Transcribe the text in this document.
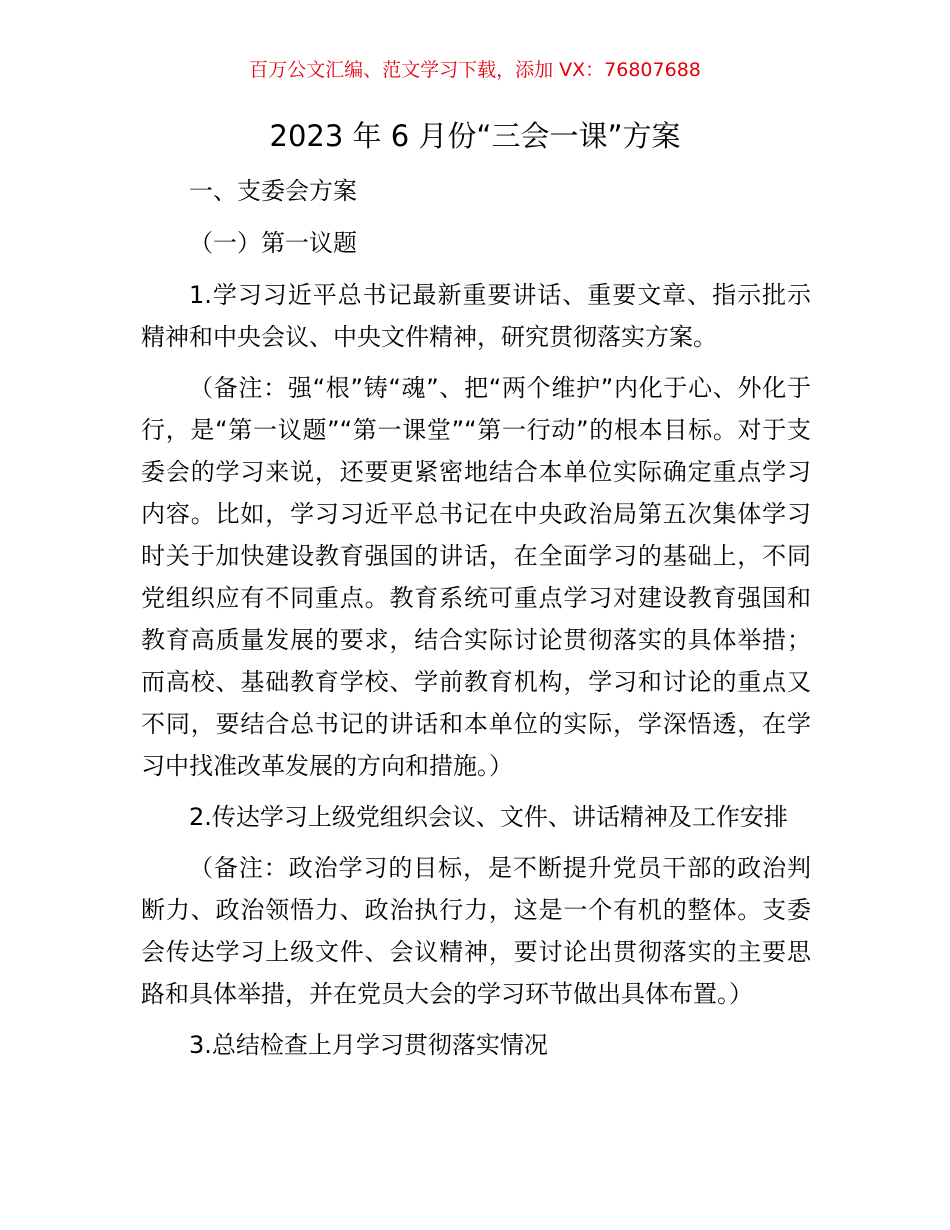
百万公文汇编、范文学习下载，添加 VX：76807688
2023 年 6 月份“三会一课”方案

一、支委会方案

（一）第一议题

1.学习习近平总书记最新重要讲话、重要文章、指示批示精神和中央会议、中央文件精神，研究贯彻落实方案。

（备注：强“根”铸“魂”、把“两个维护”内化于心、外化于行，是“第一议题”“第一课堂”“第一行动”的根本目标。对于支委会的学习来说，还要更紧密地结合本单位实际确定重点学习内容。比如，学习习近平总书记在中央政治局第五次集体学习时关于加快建设教育强国的讲话，在全面学习的基础上，不同党组织应有不同重点。教育系统可重点学习对建设教育强国和教育高质量发展的要求，结合实际讨论贯彻落实的具体举措；而高校、基础教育学校、学前教育机构，学习和讨论的重点又不同，要结合总书记的讲话和本单位的实际，学深悟透，在学习中找准改革发展的方向和措施。）

2.传达学习上级党组织会议、文件、讲话精神及工作安排

（备注：政治学习的目标，是不断提升党员干部的政治判断力、政治领悟力、政治执行力，这是一个有机的整体。支委会传达学习上级文件、会议精神，要讨论出贯彻落实的主要思路和具体举措，并在党员大会的学习环节做出具体布置。）

3.总结检查上月学习贯彻落实情况
